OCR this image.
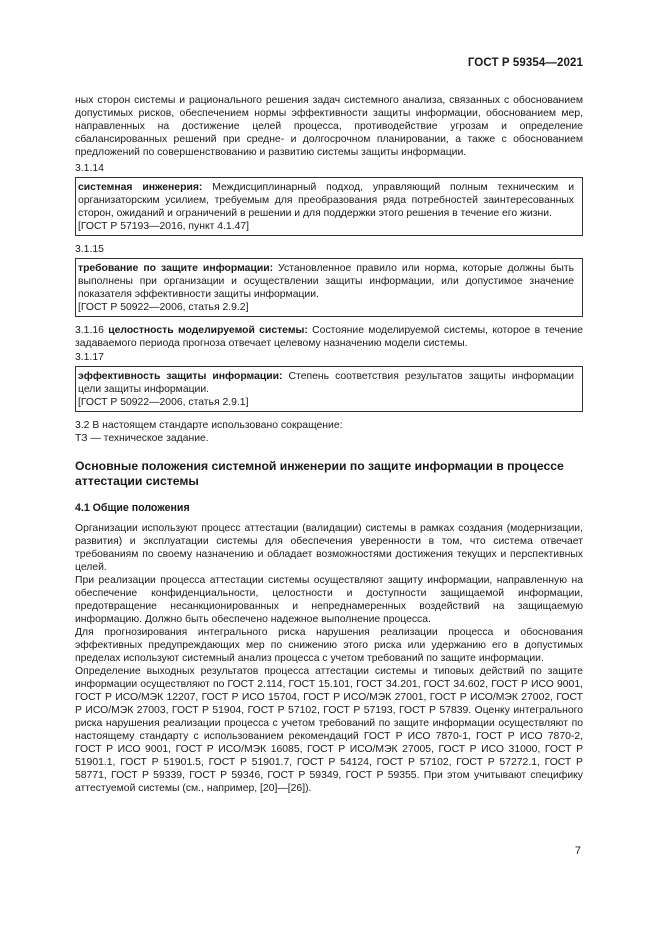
ГОСТ Р 59354—2021

ных сторон системы и рационального решения задач системного анализа, связанных с обоснованием допустимых рисков, обеспечением нормы эффективности защиты информации, обоснованием мер, направленных на достижение целей процесса, противодействие угрозам и определение сбалансированных решений при средне- и долгосрочном планировании, а также с обоснованием предложений по совершенствованию и развитию системы защиты информации.

3.1.14

системная инженерия: Междисциплинарный подход, управляющий полным техническим и организаторским усилием, требуемым для преобразования ряда потребностей заинтересованных сторон, ожиданий и ограничений в решении и для поддержки этого решения в течение его жизни.

[ГОСТ Р 57193—2016, пункт 4.1.47]

3.1.15

требование по защите информации: Установленное правило или норма, которые должны быть выполнены при организации и осуществлении защиты информации, или допустимое значение показателя эффективности защиты информации.

[ГОСТ Р 50922—2006, статья 2.9.2]

3.1.16 целостность моделируемой системы: Состояние моделируемой системы, которое в течение задаваемого периода прогноза отвечает целевому назначению модели системы.

3.1.17

эффективность защиты информации: Степень соответствия результатов защиты информации цели защиты информации.

[ГОСТ Р 50922—2006, статья 2.9.1]

3.2 В настоящем стандарте использовано сокращение:

ТЗ — техническое задание.

Основные положения системной инженерии по защите информации в процессе аттестации системы
4.1 Общие положения

Организации используют процесс аттестации (валидации) системы в рамках создания (модернизации, развития) и эксплуатации системы для обеспечения уверенности в том, что система отвечает требованиям по своему назначению и обладает возможностями достижения текущих и перспективных целей.

При реализации процесса аттестации системы осуществляют защиту информации, направленную на обеспечение конфиденциальности, целостности и доступности защищаемой информации, предотвращение несанкционированных и непреднамеренных воздействий на защищаемую информацию. Должно быть обеспечено надежное выполнение процесса.

Для прогнозирования интегрального риска нарушения реализации процесса и обоснования эффективных предупреждающих мер по снижению этого риска или удержанию его в допустимых пределах используют системный анализ процесса с учетом требований по защите информации.

Определение выходных результатов процесса аттестации системы и типовых действий по защите информации осуществляют по ГОСТ 2.114, ГОСТ 15.101, ГОСТ 34.201, ГОСТ 34.602, ГОСТ Р ИСО 9001, ГОСТ Р ИСО/МЭК 12207, ГОСТ Р ИСО 15704, ГОСТ Р ИСО/МЭК 27001, ГОСТ Р ИСО/МЭК 27002, ГОСТ Р ИСО/МЭК 27003, ГОСТ Р 51904, ГОСТ Р 57102, ГОСТ Р 57193, ГОСТ Р 57839. Оценку интегрального риска нарушения реализации процесса с учетом требований по защите информации осуществляют по настоящему стандарту с использованием рекомендаций ГОСТ Р ИСО 7870-1, ГОСТ Р ИСО 7870-2, ГОСТ Р ИСО 9001, ГОСТ Р ИСО/МЭК 16085, ГОСТ Р ИСО/МЭК 27005, ГОСТ Р ИСО 31000, ГОСТ Р 51901.1, ГОСТ Р 51901.5, ГОСТ Р 51901.7, ГОСТ Р 54124, ГОСТ Р 57102, ГОСТ Р 57272.1, ГОСТ Р 58771, ГОСТ Р 59339, ГОСТ Р 59346, ГОСТ Р 59349, ГОСТ Р 59355. При этом учитывают специфику аттестуемой системы (см., например, [20]—[26]).

7
